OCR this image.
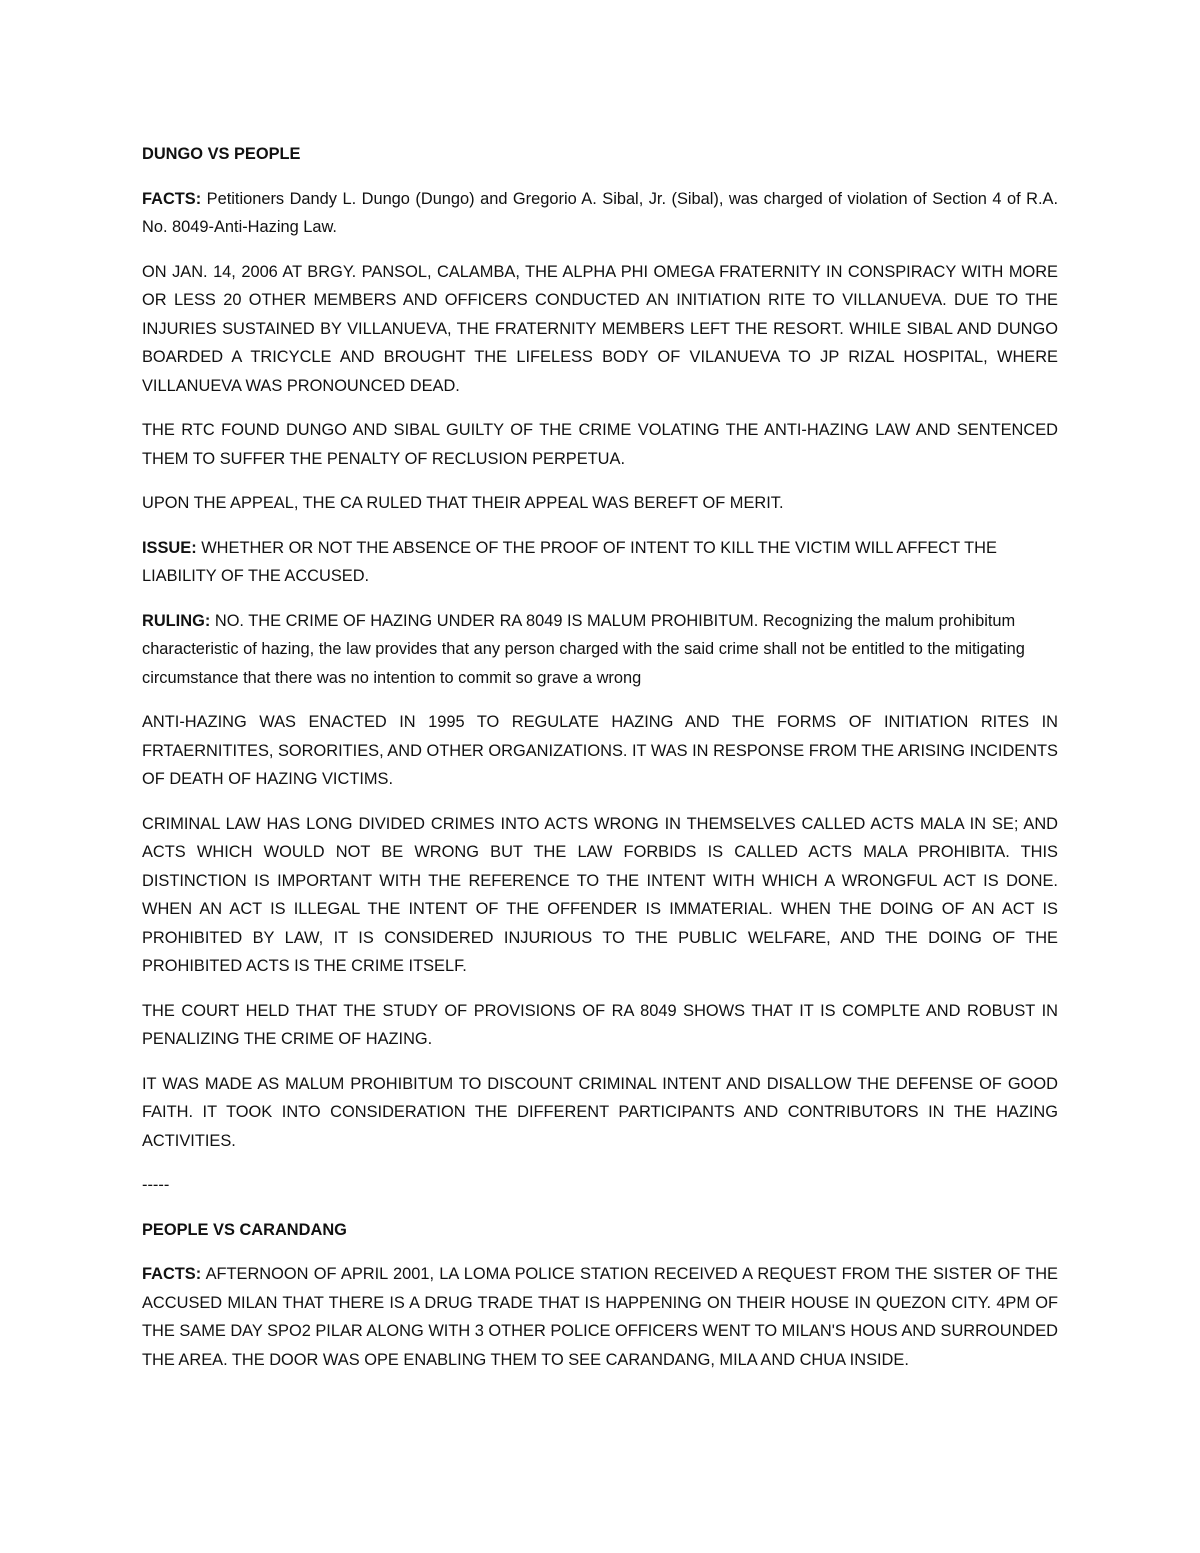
DUNGO VS PEOPLE

FACTS: Petitioners Dandy L. Dungo (Dungo) and Gregorio A. Sibal, Jr. (Sibal), was charged of violation of Section 4 of R.A. No. 8049-Anti-Hazing Law.

ON JAN. 14, 2006 AT BRGY. PANSOL, CALAMBA, THE ALPHA PHI OMEGA FRATERNITY IN CONSPIRACY WITH MORE OR LESS 20 OTHER MEMBERS AND OFFICERS CONDUCTED AN INITIATION RITE TO VILLANUEVA. DUE TO THE INJURIES SUSTAINED BY VILLANUEVA, THE FRATERNITY MEMBERS LEFT THE RESORT. WHILE SIBAL AND DUNGO BOARDED A TRICYCLE AND BROUGHT THE LIFELESS BODY OF VILANUEVA TO JP RIZAL HOSPITAL, WHERE VILLANUEVA WAS PRONOUNCED DEAD.

THE RTC FOUND DUNGO AND SIBAL GUILTY OF THE CRIME VOLATING THE ANTI-HAZING LAW AND SENTENCED THEM TO SUFFER THE PENALTY OF RECLUSION PERPETUA.

UPON THE APPEAL, THE CA RULED THAT THEIR APPEAL WAS BEREFT OF MERIT.

ISSUE: WHETHER OR NOT THE ABSENCE OF THE PROOF OF INTENT TO KILL THE VICTIM WILL AFFECT THE LIABILITY OF THE ACCUSED.

RULING: NO. THE CRIME OF HAZING UNDER RA 8049 IS MALUM PROHIBITUM. Recognizing the malum prohibitum characteristic of hazing, the law provides that any person charged with the said crime shall not be entitled to the mitigating circumstance that there was no intention to commit so grave a wrong

ANTI-HAZING WAS ENACTED IN 1995 TO REGULATE HAZING AND THE FORMS OF INITIATION RITES IN FRTAERNITITES, SORORITIES, AND OTHER ORGANIZATIONS. IT WAS IN RESPONSE FROM THE ARISING INCIDENTS OF DEATH OF HAZING VICTIMS.

CRIMINAL LAW HAS LONG DIVIDED CRIMES INTO ACTS WRONG IN THEMSELVES CALLED ACTS MALA IN SE; AND ACTS WHICH WOULD NOT BE WRONG BUT THE LAW FORBIDS IS CALLED ACTS MALA PROHIBITA. THIS DISTINCTION IS IMPORTANT WITH THE REFERENCE TO THE INTENT WITH WHICH A WRONGFUL ACT IS DONE. WHEN AN ACT IS ILLEGAL THE INTENT OF THE OFFENDER IS IMMATERIAL. WHEN THE DOING OF AN ACT IS PROHIBITED BY LAW, IT IS CONSIDERED INJURIOUS TO THE PUBLIC WELFARE, AND THE DOING OF THE PROHIBITED ACTS IS THE CRIME ITSELF.

THE COURT HELD THAT THE STUDY OF PROVISIONS OF RA 8049 SHOWS THAT IT IS COMPLTE AND ROBUST IN PENALIZING THE CRIME OF HAZING.

IT WAS MADE AS MALUM PROHIBITUM TO DISCOUNT CRIMINAL INTENT AND DISALLOW THE DEFENSE OF GOOD FAITH. IT TOOK INTO CONSIDERATION THE DIFFERENT PARTICIPANTS AND CONTRIBUTORS IN THE HAZING ACTIVITIES.

-----

PEOPLE VS CARANDANG

FACTS: AFTERNOON OF APRIL 2001, LA LOMA POLICE STATION RECEIVED A REQUEST FROM THE SISTER OF THE ACCUSED MILAN THAT THERE IS A DRUG TRADE THAT IS HAPPENING ON THEIR HOUSE IN QUEZON CITY. 4PM OF THE SAME DAY SPO2 PILAR ALONG WITH 3 OTHER POLICE OFFICERS WENT TO MILAN'S HOUS AND SURROUNDED THE AREA. THE DOOR WAS OPE ENABLING THEM TO SEE CARANDANG, MILA AND CHUA INSIDE.
